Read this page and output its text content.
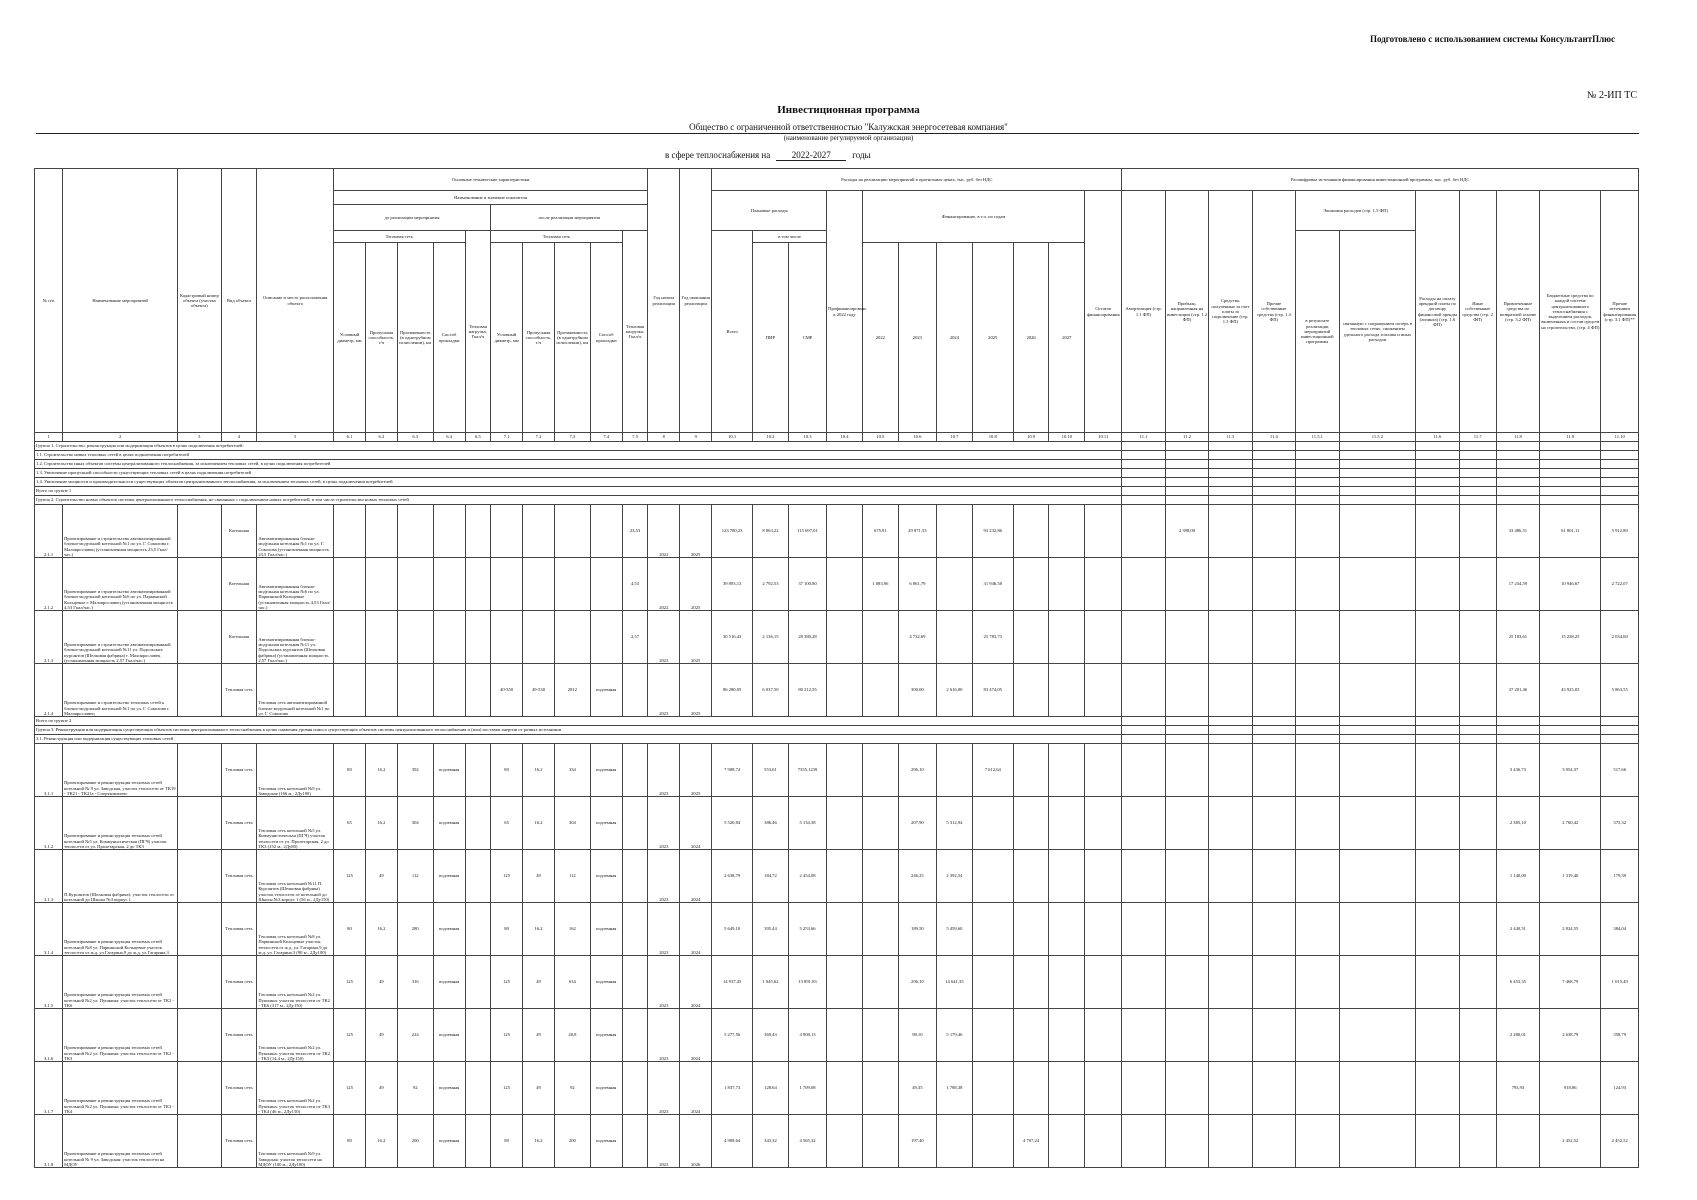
Подготовлено с использованием системы КонсультантПлюс
№ 2-ИП ТС
Инвестиционная программа
Общество с ограниченной ответственностью "Калужская энергосетевая компания"
(наименование регулируемой организации)
в сфере теплоснабжения на 2022-2027 годы
№ п/п	Наименование мероприятий	Кадастровый номер объекта (участка объекта)	Вид объекта	Описание и место расположения объекта	Основные технические характеристики										Год начала реализации	Год окончания реализации	Расходы на реализацию мероприятий в прогнозных ценах, тыс. руб. без НДС											Расшифровка источников финансирования инвестиционной программы, тыс. руб. без НДС										
					Наименование и значение показателя												Плановые расходы			Профинансировано к 2022 году	Финансирование, в т.ч. по годам						Остаток финансирования	Амортизация (стр. 1.1 ФП)	Прибыль, направленная на инвестиции (стр. 1.2 ФП)	Средства, полученные за счет платы за подключение (стр. 1.3 ФП)	Прочие собственные средства (стр. 1.4 ФП)	Экономия расходов (стр. 1.5 ФП)		Расходы на оплату арендной платы по договору финансовой аренды (лизинга) (стр. 1.6 ФП)	Иные собственные средства (стр. 2 ФП)	Привлеченные средства по возвратной основе (стр. 3.2 ФП)	Бюджетные средства по каждой системе централизованного теплоснабжения с выделением расходов, включенных в состав средств на строительство, (стр. 4 ФП)	Прочие источники финансирования (стр. 3.1 ФП)**
					до реализации мероприятия					после реализации мероприятия																												
					Тепловая сеть				Тепловая нагрузка, Гкал/ч	Тепловая сеть				Тепловая нагрузка, Гкал/ч			Всего	в том числе														в результате реализации мероприятий инвестиционной программы	связанную с сокращением потерь в тепловых сетях, снижением удельного расхода топлива и иных расходов					
					Условный диаметр, мм	Пропускная способность, т/ч	Протяженность (в однотрубном исчислении), км	Способ прокладки		Условный диаметр, мм	Пропускная способность, т/ч	Протяженность (в однотрубном исчислении), км	Способ прокладки					ПИР	СМР		2022	2023	2024	2025	2026	2027												
1	2	3	4	5	6.1	6.2	6.3	6.4	6.5	7.1	7.2	7.3	7.4	7.5	8	9	10.1	10.2	10.3	10.4	10.5	10.6	10.7	10.8	10.9	10.10	10.11	11.1	11.2	11.3	11.4	11.5.1	11.5.2	11.6	11.7	11.8	11.9	11.10
Группа 1. Строительство, реконструкция или модернизация объектов в целях подключения потребителей:																																						
1.1. Строительство новых тепловых сетей в целях подключения потребителей																																						
1.2. Строительство иных объектов системы централизованного теплоснабжения, за исключением тепловых сетей, в целях подключения потребителей																																						
1.3. Увеличение пропускной способности существующих тепловых сетей в целях подключения потребителей																																						
1.4. Увеличение мощности и производительности существующих объектов централизованного теплоснабжения, за исключением тепловых сетей, в целях подключения потребителей																																						
Всего по группе 1																																						
Группа 2. Строительство новых объектов системы централизованного теплоснабжения, не связанных с подключением новых потребителей, в том числе строительство новых тепловых сетей																																						
2.1.1	Проектирование и строительство автоматизированной блочно-модульной котельной №1 по ул. Г. Соколова г. Малоярославец (установленная мощность 23,5 Гкал/час.)		Котельная	Автоматизированная блочно-модульная котельная №1 по ул. Г. Соколова (установленная мощность 23,5 Гкал/час.)										23,53	2022	2025	123 780,23	8 063,22	115 697,01		675,91	29 871,53		93 232,86					2 398,00							33 486,51	61 861,11	5 912,80
2.1.2	Проектирование и строительство автоматизированной блочно-модульной котельной №6 по ул. Паркинской Кольцевые г. Малоярославец (установленная мощность 4,53 Гкал/час.)		Котельная	Автоматизированная блочно-модульная котельная №6 по ул. Паркинской Кольцевые (установленная мощность 4,53 Гкал/час.)										4,53	2022	2025	39 893,13	2 792,53	37 100,80		1 083,96	6 861,79		31 946,58												17 234,59	10 946,67	2 722,07
2.1.3	Проектирование и строительство автоматизированной блочно-модульной котельной №11 ул. Подольских курсантов (Шелковая фабрика) г. Малоярославец (установленная мощность 2,57 Гкал/час.)		Котельная	Автоматизированная блочно-модульная котельная №11 ул. Подольских курсантов (Шелковая фабрика) (установленная мощность 2,57 Гкал/час.)										2,57	2023	2025	30 516,43	2 136,15	28 380,28			4 732,69		25 783,73												25 183,61	15 238,25	2 034,60
2.1.4	Проектирование и строительство тепловых сетей к блочно-модульной котельной №1 по ул. Г. Соколова г. Малоярославец		Тепловая сеть	Тепловая сеть автоматизированной блочно-модульной котельной №1 по ул. Г. Соколова						40-350	49-530	2812	подземная		2023	2025	86 280,05	6 037,50	80 212,55			300,00	2 616,00	83 474,05												37 201,46	43 925,03	5 863,55
Всего по группе 2																																						
Группа 3. Реконструкция или модернизация существующих объектов системы централизованного теплоснабжения в целях снижения уровня износа существующих объектов системы централизованного теплоснабжения и (или) поставки энергии от разных источников																																						
3.1. Реконструкция или модернизация существующих тепловых сетей																																						
3.1.1	Проектирование и реконструкция тепловых сетей котельной № 9 ул. Заводская, участок теплосети от ТК19 - ТК21 - ТК21а - Спорткомплекс		Тепловая сеть	Тепловая сеть котельной №9 ул. Заводская (166 м., 2Ду100)	80	16,2	392	подземная		80	16,2	334	подземная		2023	2025	7 908,74	553,61	7355,1239			296,10		7 612,64												3 436,73	3 954,37	517,66
3.1.2	Проектирование и реконструкция тепловых сетей котельной №5 ул. Коммунистическая (ПГЧ) участок теплосети от ул. Пролетарская, 2 до ТК3		Тепловая сеть	Тепловая сеть котельной №5 ул. Коммунистическая (ПГЧ) участок теплосети от ул. Пролетарская, 2 до ТК3 (152 м., 2Ду80)	65	16,2	304	подземная		65	16,2	304	подземная		2023	2024	5 520,84	386,46	5 134,38			207,90	5 312,94													2 385,10	2 760,42	375,32
3.1.3	П.Курсантов (Шелковая фабрика): участок теплосети от котельной до Школы №3 корпус 1		Тепловая сеть	Тепловая сеть котельной №11 П. Курсантов (Шелковая фабрика) участок теплосети от котельной до Школы №3 корпус 1 (56 м., 2Ду150)	125	49	112	подземная		125	49	112	подземная		2023	2024	2 638,79	184,72	2 454,08			246,25	2 392,54													1 140,00	1 319,40	179,39
3.1.4	Проектирование и реконструкция тепловых сетей котельной №8 ул. Паркинской Кольцевые участок теплосети от ж.д. ул.Гагарина,9 до ж.д. ул.Гагарина,3		Тепловая сеть	Тепловая сеть котельной №8 ул. Паркинской Кольцевые участок теплосети от ж.д. ул. Гагарина,9 до ж.д. ул. Гагарина,3 (90 м., 2Ду100)	80	16,2	280	подземная		80	16,2	162	подземная		2023	2024	5 649,10	395,44	5 253,66			189,50	5 459,60													2 440,51	2 824,55	384,04
3.1.5	Проектирование и реконструкция тепловых сетей котельной №2 ул. Пушкина: участок теплосети от ТК2 - ТК6		Тепловая сеть	Тепловая сеть котельной №2 ул. Пушкина: участок теплосети от ТК2 - ТК6 (317 м., 2Ду150)	125	49	316	подземная		125	49	634	подземная		2023	2024	14 937,45	1 045,62	13 891,83			296,10	14 641,35													6 453,35	7 468,79	1 015,49
3.1.6	Проектирование и реконструкция тепловых сетей котельной №2 ул. Пушкина: участок теплосети от ТК2 - ТК3		Тепловая сеть	Тепловая сеть котельной №2 ул. Пушкина: участок теплосети от ТК2 - ТК3 (14,4 м., 2Ду150)	125	49	224	подземная		125	49	28,8	подземная		2023	2024	5 277,56	369,43	4 908,13			98,10	5 179,46													2 280,01	2 638,79	358,79
3.1.7	Проектирование и реконструкция тепловых сетей котельной №2 ул. Пушкина: участок теплосети от ТК3 - ТК4		Тепловая сеть	Тепловая сеть котельной №2 ул. Пушкина: участок теплосети от ТК3 - ТК4 (46 м., 2Ду150)	125	49	92	подземная		125	49	92	подземная		2023	2024	1 837,73	128,64	1 709,08			49,35	1 788,38													793,93	918,86	124,93
3.1.8	Проектирование и реконструкция тепловых сетей котельной № 9 ул. Заводская: участок теплосети на МДОУ		Тепловая сеть	Тепловая сеть котельной №9 ул. Заводская: участок теплосети на МДОУ (100 м., 2Ду100)	80	16,2	200	подземная		80	16,2	200	подземная		2023	2026	4 908,64	343,32	4 565,32			197,40			4 707,24												2 452,52	2 452,52
